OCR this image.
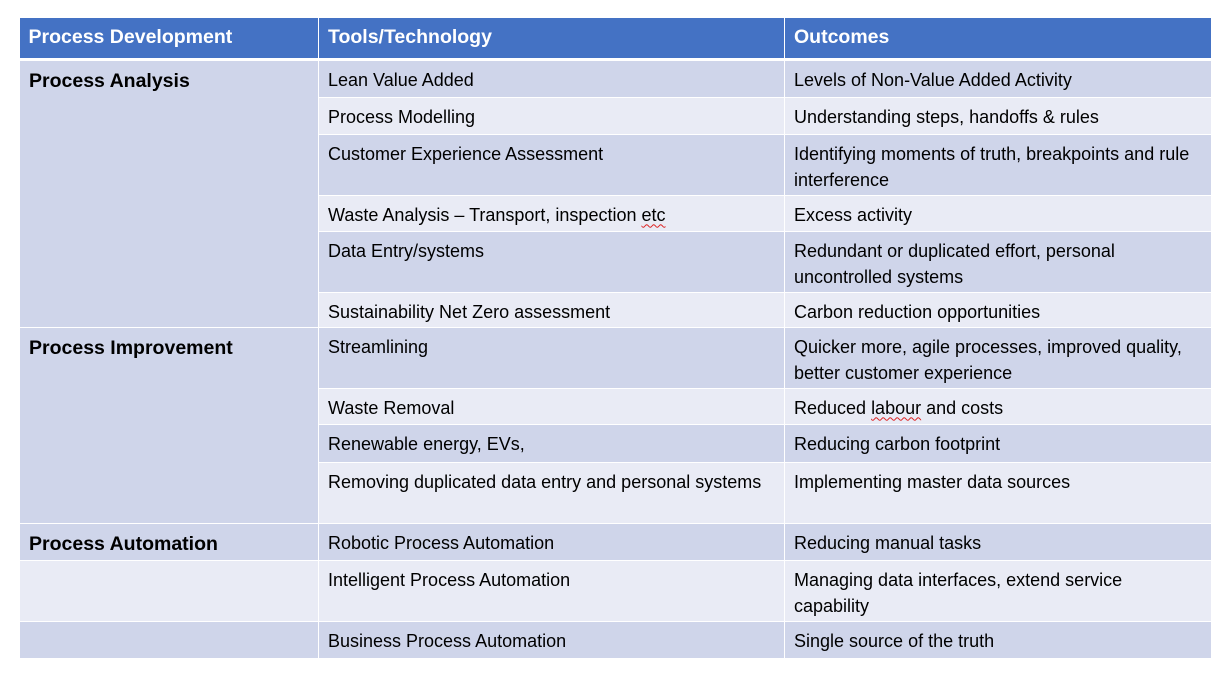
Process Development	Tools/Technology	Outcomes
Process Analysis	Lean Value Added	Levels of Non-Value Added Activity
	Process Modelling	Understanding steps, handoffs & rules
	Customer Experience Assessment	Identifying moments of truth, breakpoints and rule interference
	Waste Analysis – Transport, inspection etc	Excess activity
	Data Entry/systems	Redundant or duplicated effort, personal uncontrolled systems
	Sustainability Net Zero assessment	Carbon reduction opportunities
Process Improvement	Streamlining	Quicker more, agile processes, improved quality, better customer experience
	Waste Removal	Reduced labour and costs
	Renewable energy, EVs,	Reducing carbon footprint
	Removing duplicated data entry and personal systems	Implementing master data sources
Process Automation	Robotic Process Automation	Reducing manual tasks
	Intelligent Process Automation	Managing data interfaces, extend service capability
	Business Process Automation	Single source of the truth
